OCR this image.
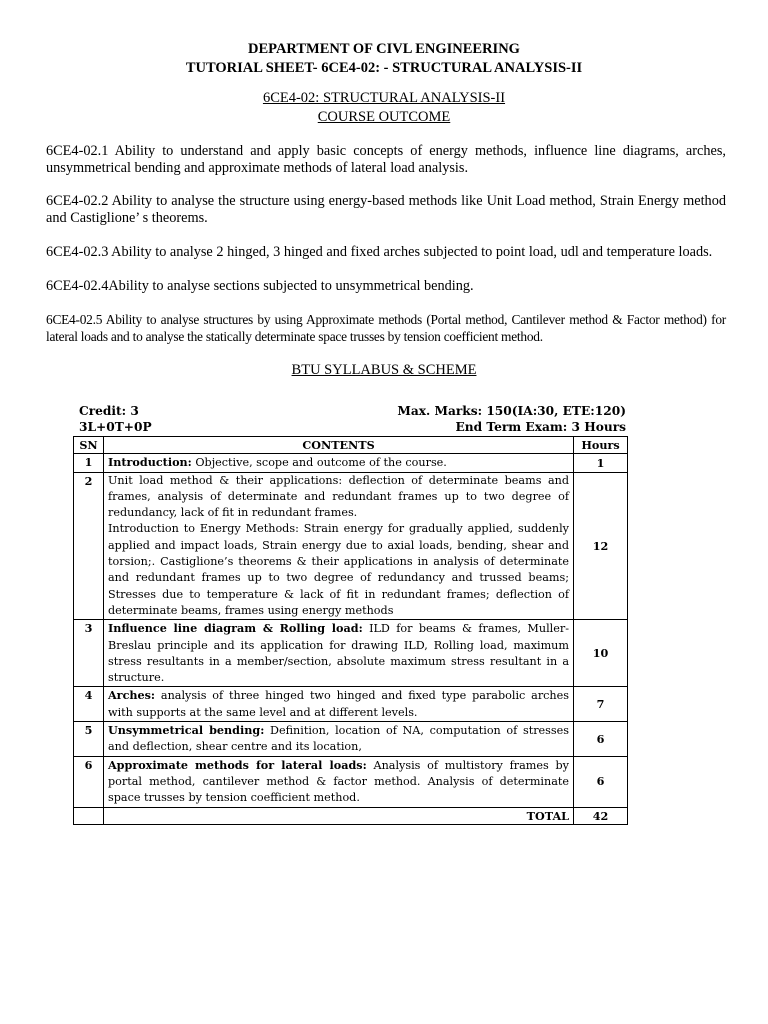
DEPARTMENT OF CIVL ENGINEERING
TUTORIAL SHEET- 6CE4-02: - STRUCTURAL ANALYSIS-II
6CE4-02: STRUCTURAL ANALYSIS-II
COURSE OUTCOME
6CE4-02.1 Ability to understand and apply basic concepts of energy methods, influence line diagrams, arches, unsymmetrical bending and approximate methods of lateral load analysis.
6CE4-02.2 Ability to analyse the structure using energy-based methods like Unit Load method, Strain Energy method and Castiglione’ s theorems.
6CE4-02.3 Ability to analyse 2 hinged, 3 hinged and fixed arches subjected to point load, udl and temperature loads.
6CE4-02.4Ability to analyse sections subjected to unsymmetrical bending.
6CE4-02.5 Ability to analyse structures by using Approximate methods (Portal method, Cantilever method & Factor method) for lateral loads and to analyse the statically determinate space trusses by tension coefficient method.
BTU SYLLABUS & SCHEME
Credit: 3	Max. Marks: 150(IA:30, ETE:120)
3L+0T+0P	End Term Exam: 3 Hours
SN	CONTENTS	Hours
1	Introduction: Objective, scope and outcome of the course.	1
2	Unit load method & their applications: deflection of determinate beams and frames, analysis of determinate and redundant frames up to two degree of redundancy, lack of fit in redundant frames.
Introduction to Energy Methods: Strain energy for gradually applied, suddenly applied and impact loads, Strain energy due to axial loads, bending, shear and torsion;. Castiglione’s theorems & their applications in analysis of determinate and redundant frames up to two degree of redundancy and trussed beams; Stresses due to temperature & lack of fit in redundant frames; deflection of determinate beams, frames using energy methods	12
3	Influence line diagram & Rolling load: ILD for beams & frames, Muller-Breslau principle and its application for drawing ILD, Rolling load, maximum stress resultants in a member/section, absolute maximum stress resultant in a structure.	10
4	Arches: analysis of three hinged two hinged and fixed type parabolic arches with supports at the same level and at different levels.	7
5	Unsymmetrical bending: Definition, location of NA, computation of stresses and deflection, shear centre and its location,	6
6	Approximate methods for lateral loads: Analysis of multistory frames by portal method, cantilever method & factor method. Analysis of determinate space trusses by tension coefficient method.	6
	TOTAL	42
